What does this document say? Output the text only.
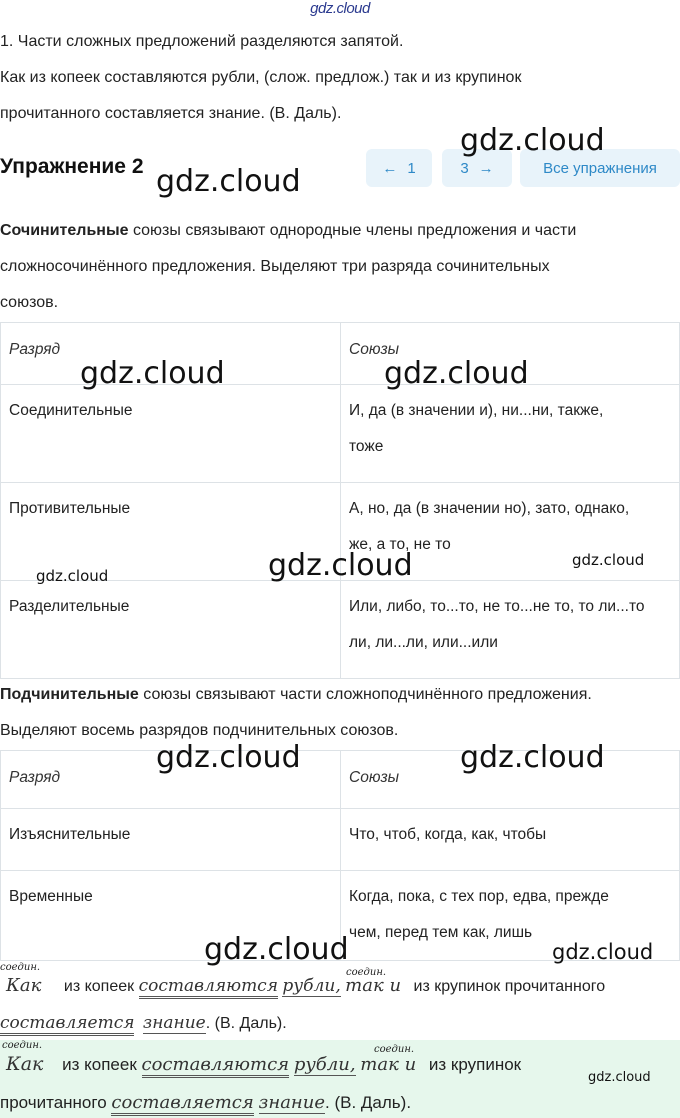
gdz.cloud
1. Части сложных предложений разделяются запятой.
Как из копеек составляются рубли, (слож. предлож.) так и из крупинок
прочитанного составляется знание. (В. Даль).
Упражнение 2	← 1	3 →	Все упражнения
Сочинительные союзы связывают однородные члены предложения и части
сложносочинённого предложения. Выделяют три разряда сочинительных
союзов.
Разряд	Союзы
Соединительные	И, да (в значении и), ни...ни, также,
тоже

Противительные	А, но, да (в значении но), зато, однако,
же, а то, не то

Разделительные	Или, либо, то...то, не то...не то, то ли...то
ли, ли...ли, или...или
Подчинительные союзы связывают части сложноподчинённого предложения.
Выделяют восемь разрядов подчинительных союзов.
Разряд	Союзы
Изъяснительные	Что, чтоб, когда, как, чтобы
Временные	Когда, пока, с тех пор, едва, прежде
чем, перед тем как, лишь
соедин.	соедин.
Как из копеек составляются рубли, так и из крупинок прочитанного
составляется знание. (В. Даль).
соедин.	соедин.
Как из копеек составляются рубли, так и из крупинок
прочитанного составляется знание. (В. Даль).
gdz.cloud
gdz.cloud
gdz.cloud	gdz.cloud
gdz.cloud
gdz.cloud
gdz.cloud
gdz.cloud	gdz.cloud
gdz.cloud	gdz.cloud
gdz.cloud
